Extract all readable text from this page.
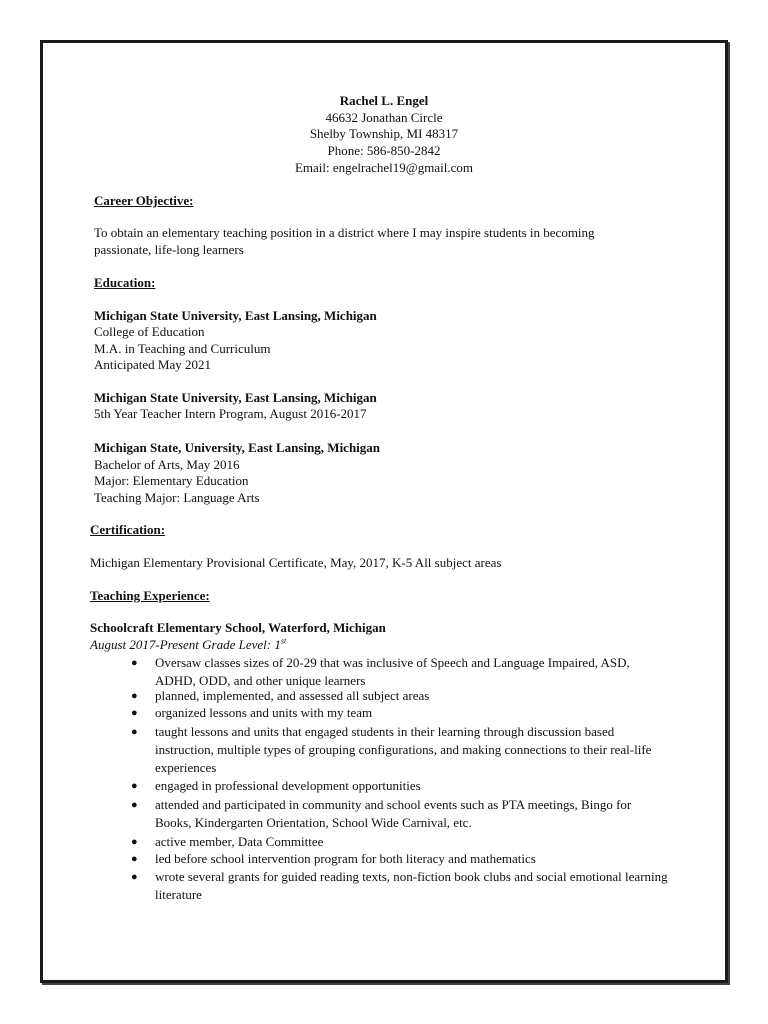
Rachel L. Engel
46632 Jonathan Circle
Shelby Township, MI 48317
Phone: 586-850-2842
Email: engelrachel19@gmail.com
Career Objective:
To obtain an elementary teaching position in a district where I may inspire students in becoming
passionate, life-long learners
Education:
Michigan State University, East Lansing, Michigan
College of Education
M.A. in Teaching and Curriculum
Anticipated May 2021
Michigan State University, East Lansing, Michigan
5th Year Teacher Intern Program, August 2016-2017
Michigan State, University, East Lansing, Michigan
Bachelor of Arts, May 2016
Major: Elementary Education
Teaching Major: Language Arts
Certification:
Michigan Elementary Provisional Certificate, May, 2017, K-5 All subject areas
Teaching Experience:
Schoolcraft Elementary School, Waterford, Michigan
August 2017-Present Grade Level: 1st
● Oversaw classes sizes of 20-29 that was inclusive of Speech and Language Impaired, ASD, ADHD, ODD, and other unique learners
● planned, implemented, and assessed all subject areas
● organized lessons and units with my team
● taught lessons and units that engaged students in their learning through discussion based instruction, multiple types of grouping configurations, and making connections to their real-life experiences
● engaged in professional development opportunities
● attended and participated in community and school events such as PTA meetings, Bingo for Books, Kindergarten Orientation, School Wide Carnival, etc.
● active member, Data Committee
● led before school intervention program for both literacy and mathematics
● wrote several grants for guided reading texts, non-fiction book clubs and social emotional learning literature
